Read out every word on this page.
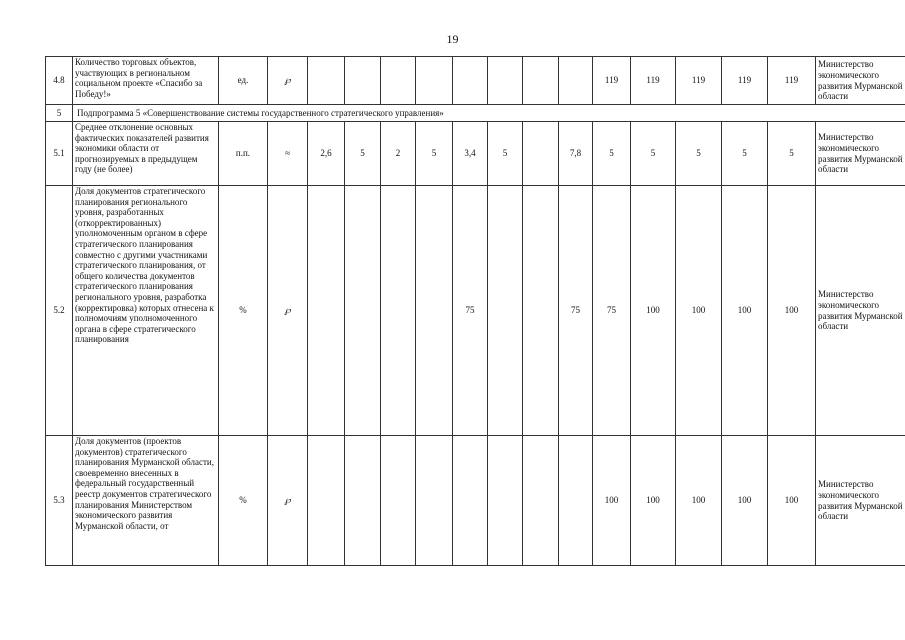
19
4.8	Количество торговых объектов, участвующих в региональном социальном проекте «Спасибо за Победу!»	ед.	℘									119	119	119	119	119	Министерство экономического развития Мурманской области
5	Подпрограмма 5 «Совершенствование системы государственного стратегического управления»																
5.1	Среднее отклонение основных фактических показателей развития экономики области от прогнозируемых в предыдущем году (не более)	п.п.	≈	2,6	5	2	5	3,4	5		7,8	5	5	5	5	5	Министерство экономического развития Мурманской области
5.2	Доля документов стратегического планирования регионального уровня, разработанных (откорректированных) уполномоченным органом в сфере стратегического планирования совместно с другими участниками стратегического планирования, от общего количества документов стратегического планирования регионального уровня, разработка (корректировка) которых отнесена к полномочиям уполномоченного органа в сфере стратегического планирования	%	℘					75			75	75	100	100	100	100	Министерство экономического развития Мурманской области
5.3	Доля документов (проектов документов) стратегического планирования Мурманской области, своевременно внесенных в федеральный государственный реестр документов стратегического планирования Министерством экономического развития Мурманской области, от	%	℘									100	100	100	100	100	Министерство экономического развития Мурманской области
